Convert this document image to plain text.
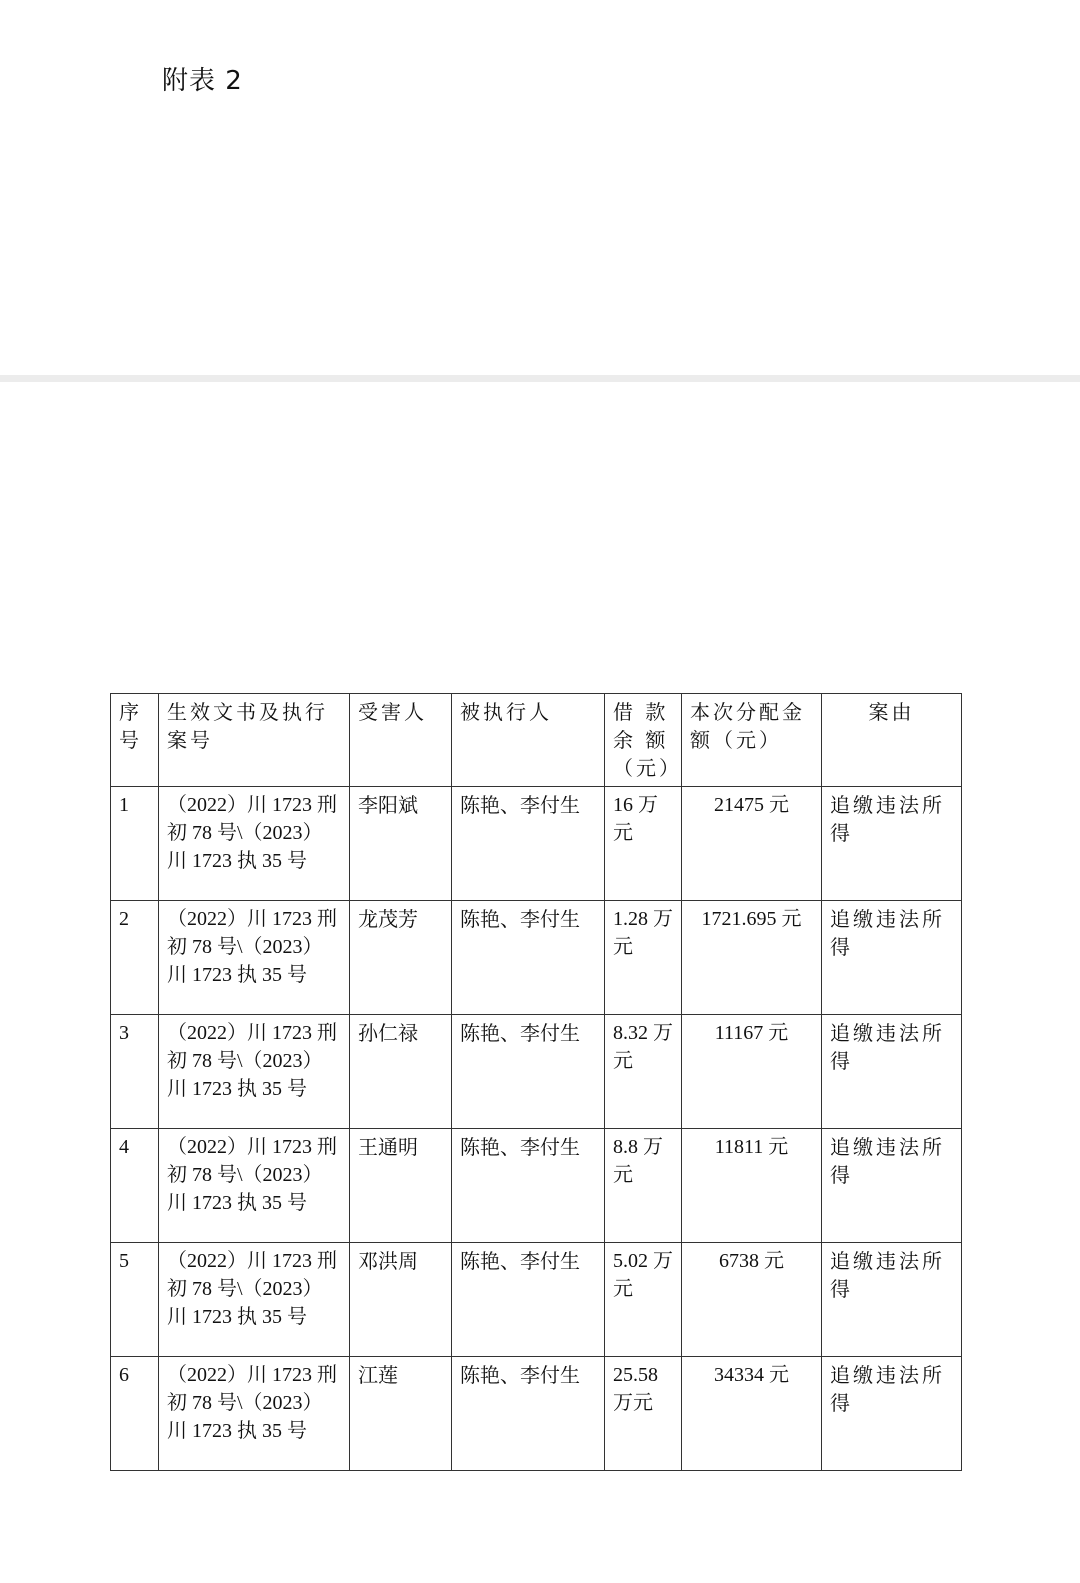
附表 2
序号	生效文书及执行案号	受害人	被执行人	借 款余 额（元）	本次分配金额（元）	案由
1	（2022）川 1723 刑初 78 号\（2023）川 1723 执 35 号	李阳斌	陈艳、李付生	16 万元	21475 元	追缴违法所得
2	（2022）川 1723 刑初 78 号\（2023）川 1723 执 35 号	龙茂芳	陈艳、李付生	1.28 万元	1721.695 元	追缴违法所得
3	（2022）川 1723 刑初 78 号\（2023）川 1723 执 35 号	孙仁禄	陈艳、李付生	8.32 万元	11167 元	追缴违法所得
4	（2022）川 1723 刑初 78 号\（2023）川 1723 执 35 号	王通明	陈艳、李付生	8.8 万元	11811 元	追缴违法所得
5	（2022）川 1723 刑初 78 号\（2023）川 1723 执 35 号	邓洪周	陈艳、李付生	5.02 万元	6738 元	追缴违法所得
6	（2022）川 1723 刑初 78 号\（2023）川 1723 执 35 号	江莲	陈艳、李付生	25.58 万元	34334 元	追缴违法所得
